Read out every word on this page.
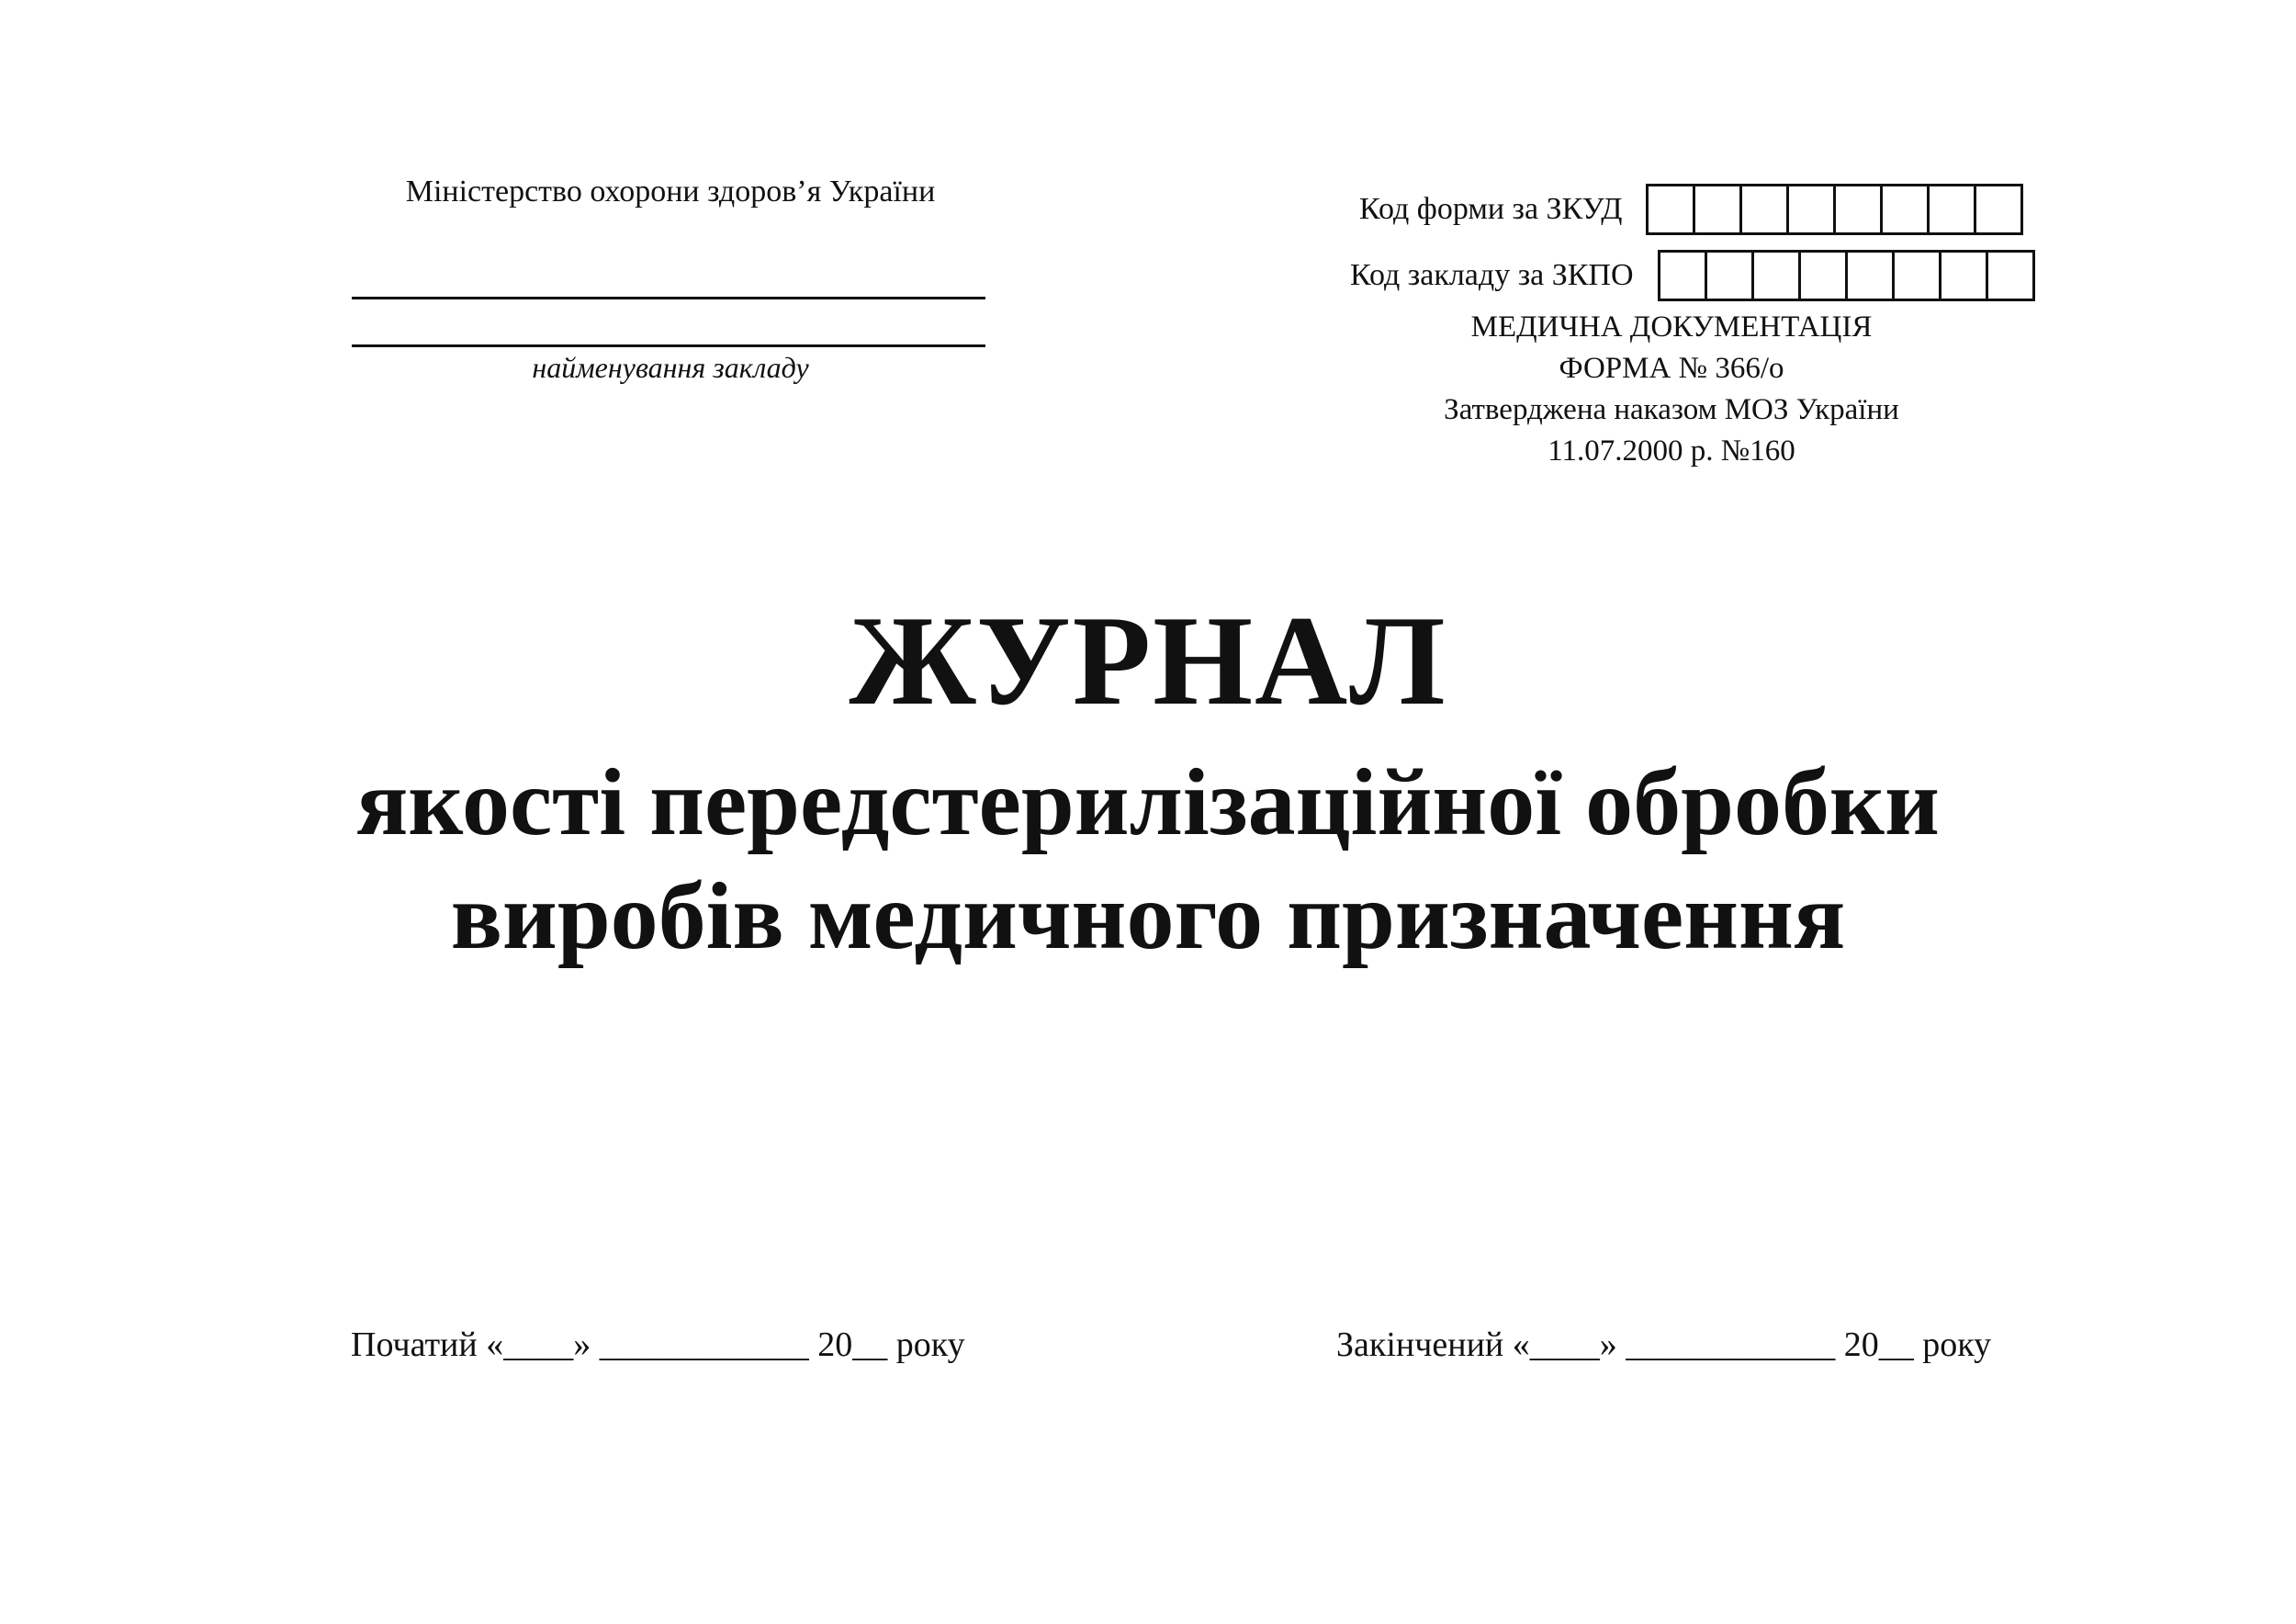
Міністерство охорони здоров’я України
найменування закладу
Код форми за ЗКУД
Код закладу за ЗКПО
МЕДИЧНА ДОКУМЕНТАЦІЯ
ФОРМА № 366/о
Затверджена наказом МОЗ України
11.07.2000 р. №160
ЖУРНАЛ
якості передстерилізаційної обробки
виробів медичного призначення
Початий «____» ____________ 20__ року	Закінчений «____» ____________ 20__ року
